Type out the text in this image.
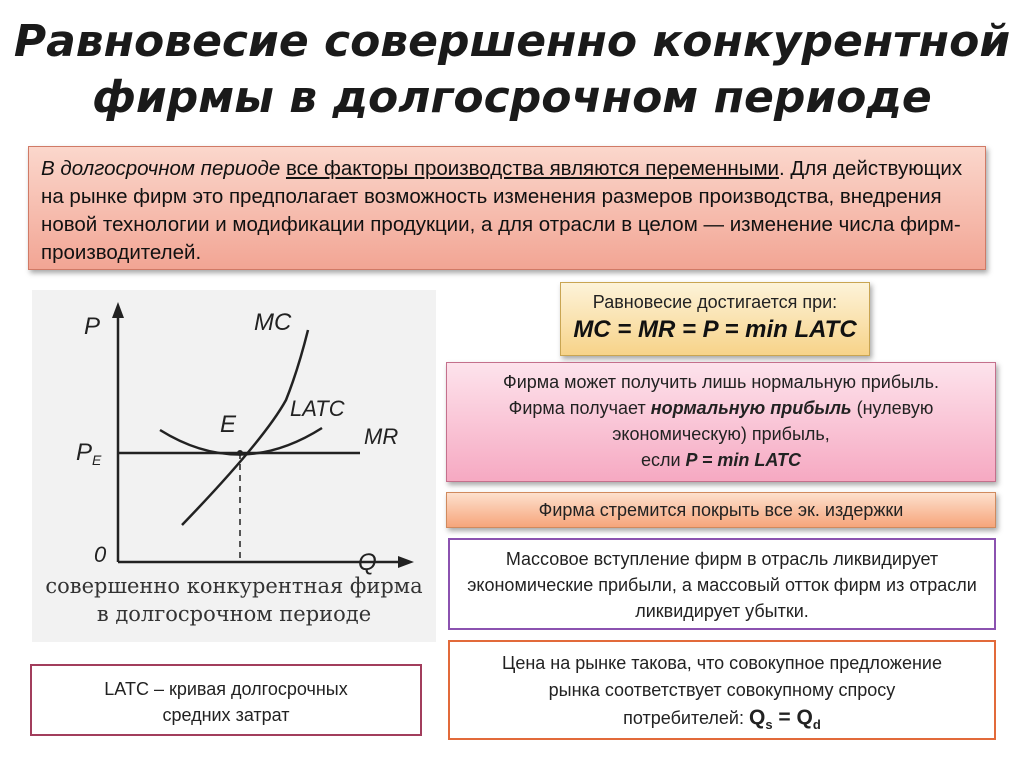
Равновесие совершенно конкурентной
фирмы в долгосрочном периоде
В долгосрочном периоде все факторы производства являются переменными. Для действующих на рынке фирм это предполагает возможность изменения размеров производства, внедрения новой технологии и модификации продукции, а для отрасли в целом — изменение числа фирм-производителей.
P
Q
0
MC
LATC
MR
E
$P_E$
совершенно конкурентная фирма
в долгосрочном периоде
Равновесие достигается при:
MC = MR = P = min LATC
Фирма может получить лишь нормальную прибыль.
Фирма получает нормальную прибыль (нулевую
экономическую) прибыль,
если P = min LATC
Фирма стремится покрыть все эк. издержки
Массовое вступление фирм в отрасль ликвидирует экономические прибыли, а массовый отток фирм из отрасли ликвидирует убытки.
Цена на рынке такова, что совокупное предложение
рынка соответствует совокупному спросу
потребителей: $Q_s = Q_d$
LATC – кривая долгосрочных
средних затрат
